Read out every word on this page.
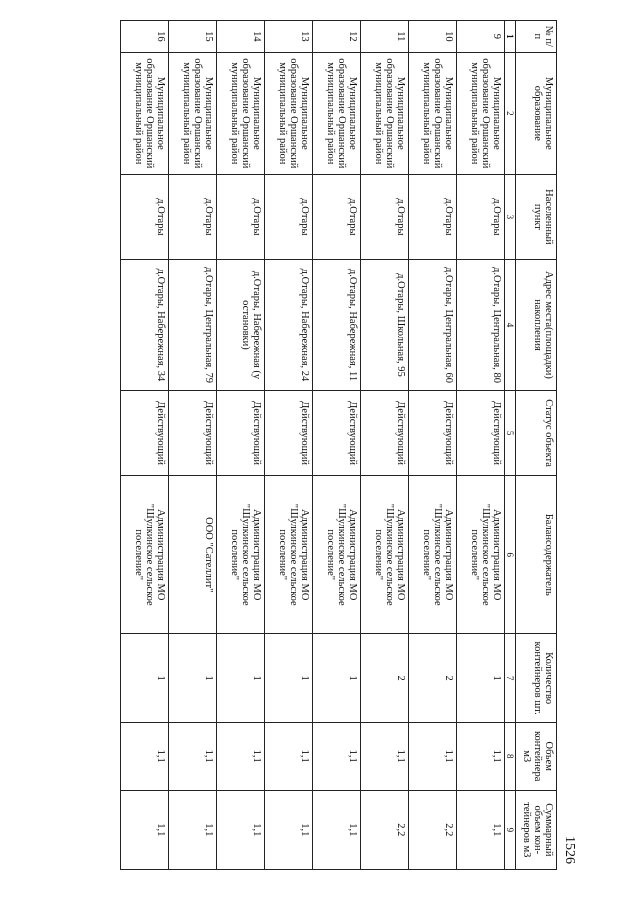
1526
№ п/п	Муниципальное образование	Населенный пункт	Адрес места(площадки) накопления	Статус объекта	Балансодержатель	Количество контейнеров шт.	Объем контейнера м3	Суммарный объем кон-тейнеров м3
1	2	3	4	5	6	7	8	9
9	Муниципальное образование Оршанский муниципальный район	д.Отары	д.Отары, Центральная, 80	Действующий	Администрация МО "Шулкинское сельское поселение"	1	1,1	1,1
10	Муниципальное образование Оршанский муниципальный район	д.Отары	д.Отары, Центральная, 60	Действующий	Администрация МО "Шулкинское сельское поселение"	2	1,1	2,2
11	Муниципальное образование Оршанский муниципальный район	д.Отары	д.Отары, Школьная, 95	Действующий	Администрация МО "Шулкинское сельское поселение"	2	1,1	2,2
12	Муниципальное образование Оршанский муниципальный район	д.Отары	д.Отары, Набережная, 11	Действующий	Администрация МО "Шулкинское сельское поселение"	1	1,1	1,1
13	Муниципальное образование Оршанский муниципальный район	д.Отары	д.Отары, Набережная, 24	Действующий	Администрация МО "Шулкинское сельское поселение"	1	1,1	1,1
14	Муниципальное образование Оршанский муниципальный район	д.Отары	д.Отары, Набережная (у остановки)	Действующий	Администрация МО "Шулкинское сельское поселение"	1	1,1	1,1
15	Муниципальное образование Оршанский муниципальный район	д.Отары	д.Отары, Центральная, 79	Действующий	ООО "Сателлит"	1	1,1	1,1
16	Муниципальное образование Оршанский муниципальный район	д.Отары	д.Отары, Набережная, 34	Действующий	Администрация МО "Шулкинское сельское поселение"	1	1,1	1,1
